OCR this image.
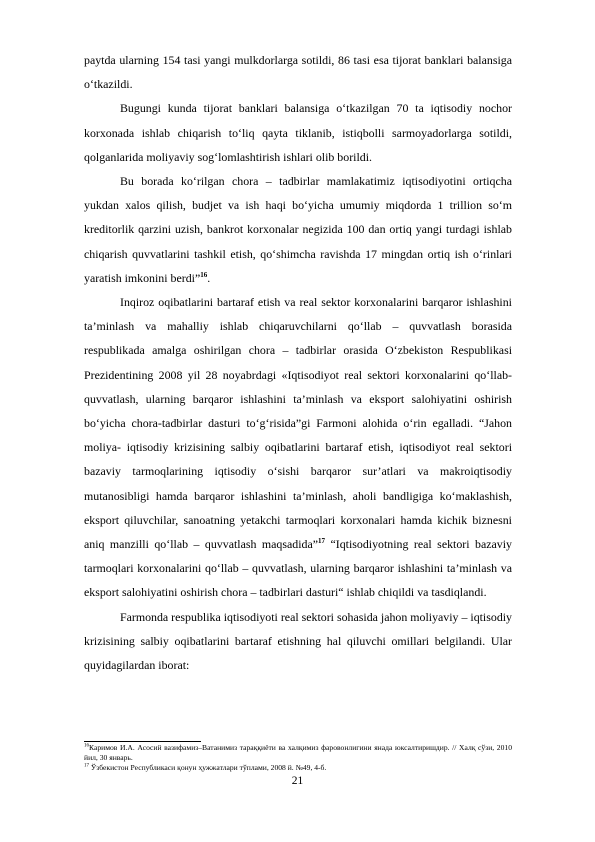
paytda ularning 154 tasi yangi mulkdorlarga sotildi, 86 tasi esa tijorat banklari balansiga o‘tkazildi.

Bugungi kunda tijorat banklari balansiga o‘tkazilgan 70 ta iqtisodiy nochor korxonada ishlab chiqarish to‘liq qayta tiklanib, istiqbolli sarmoyadorlarga sotildi, qolganlarida moliyaviy sog‘lomlashtirish ishlari olib borildi.

Bu borada ko‘rilgan chora – tadbirlar mamlakatimiz iqtisodiyotini ortiqcha yukdan xalos qilish, budjet va ish haqi bo‘yicha umumiy miqdorda 1 trillion so‘m kreditorlik qarzini uzish, bankrot korxonalar negizida 100 dan ortiq yangi turdagi ishlab chiqarish quvvatlarini tashkil etish, qo‘shimcha ravishda 17 mingdan ortiq ish o‘rinlari yaratish imkonini berdi”$^{16}$.

Inqiroz oqibatlarini bartaraf etish va real sektor korxonalarini barqaror ishlashini ta’minlash va mahalliy ishlab chiqaruvchilarni qo‘llab – quvvatlash borasida respublikada amalga oshirilgan chora – tadbirlar orasida O‘zbekiston Respublikasi Prezidentining 2008 yil 28 noyabrdagi «Iqtisodiyot real sektori korxonalarini qo‘llab-quvvatlash, ularning barqaror ishlashini ta’minlash va eksport salohiyatini oshirish bo‘yicha chora-tadbirlar dasturi to‘g‘risida”gi Farmoni alohida o‘rin egalladi. “Jahon moliya- iqtisodiy krizisining salbiy oqibatlarini bartaraf etish, iqtisodiyot real sektori bazaviy tarmoqlarining iqtisodiy o‘sishi barqaror sur’atlari va makroiqtisodiy mutanosibligi hamda barqaror ishlashini ta’minlash, aholi bandligiga ko‘maklashish, eksport qiluvchilar, sanoatning yetakchi tarmoqlari korxonalari hamda kichik biznesni aniq manzilli qo‘llab – quvvatlash maqsadida”$^{17}$ “Iqtisodiyotning real sektori bazaviy tarmoqlari korxonalarini qo‘llab – quvvatlash, ularning barqaror ishlashini ta’minlash va eksport salohiyatini oshirish chora – tadbirlari dasturi“ ishlab chiqildi va tasdiqlandi.

Farmonda respublika iqtisodiyoti real sektori sohasida jahon moliyaviy – iqtisodiy krizisining salbiy oqibatlarini bartaraf etishning hal qiluvchi omillari belgilandi. Ular quyidagilardan iborat:

$^{16}$Каримов И.А. Асосий вазифамиз–Ватанимиз тараққиёти ва халқимиз фаровонлигини янада юксалтиришдир. // Халқ сўзи, 2010 йил, 30 январь.

$^{17}$ Ўзбекистон Республикаси қонун ҳужжатлари тўплами, 2008 й. №49, 4-б.

21
